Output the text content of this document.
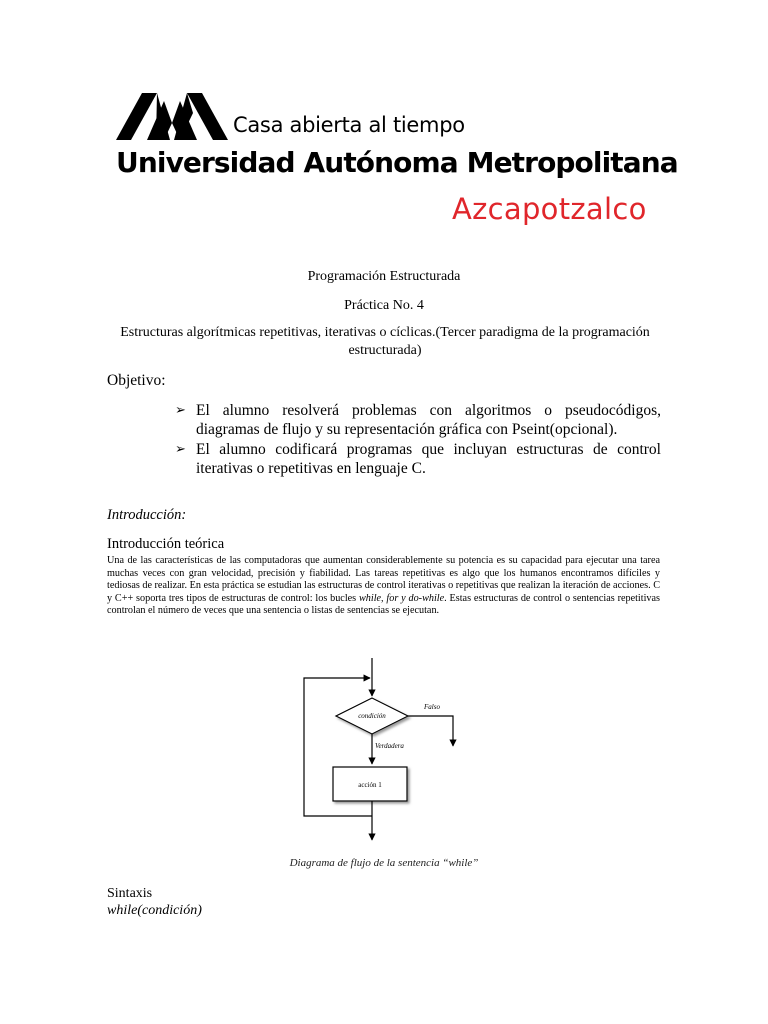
Casa abierta al tiempo
Universidad Autónoma Metropolitana
Azcapotzalco
Programación Estructurada
Práctica No. 4
Estructuras algorítmicas repetitivas, iterativas o cíclicas.(Tercer paradigma de la programación estructurada)
Objetivo:
➢ El alumno resolverá problemas con algoritmos o pseudocódigos, diagramas de flujo y su representación gráfica con Pseint(opcional).
➢ El alumno codificará programas que incluyan estructuras de control iterativas o repetitivas en lenguaje C.
Introducción:
Introducción teórica
Una de las características de las computadoras que aumentan considerablemente su potencia es su capacidad para ejecutar una tarea muchas veces con gran velocidad, precisión y fiabilidad. Las tareas repetitivas es algo que los humanos encontramos difíciles y tediosas de realizar. En esta práctica se estudian las estructuras de control iterativas o repetitivas que realizan la iteración de acciones. C y C++ soporta tres tipos de estructuras de control: los bucles while, for y do-while. Estas estructuras de control o sentencias repetitivas controlan el número de veces que una sentencia o listas de sentencias se ejecutan.
condición
Falso
Verdadera
acción 1
Diagrama de flujo de la sentencia “while”
Sintaxis
while(condición)
